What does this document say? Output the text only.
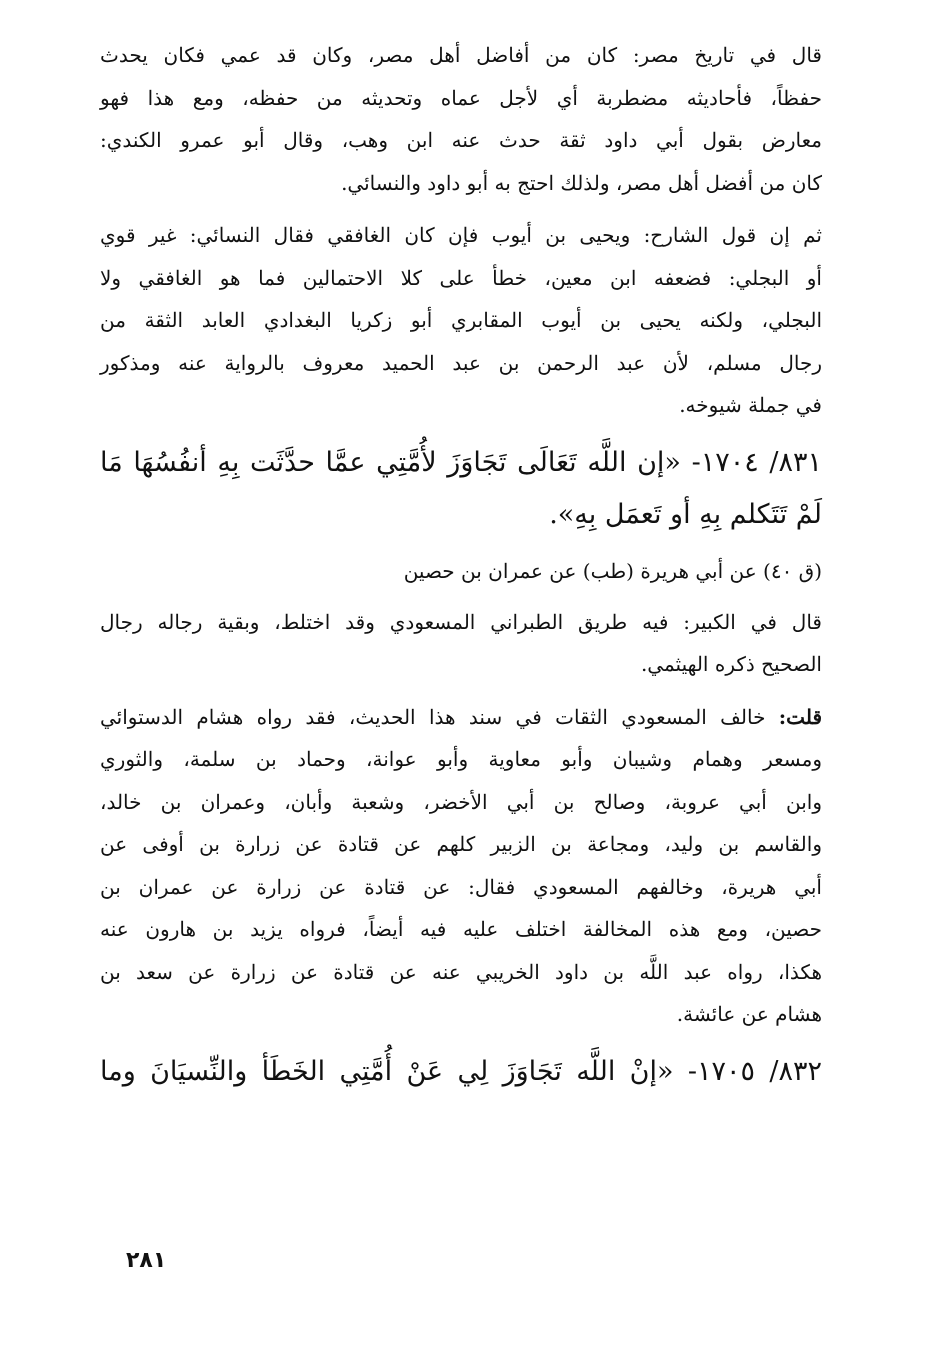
قال في تاريخ مصر: كان من أفاضل أهل مصر، وكان قد عمي فكان يحدث
حفظاً، فأحاديثه مضطربة أي لأجل عماه وتحديثه من حفظه، ومع هذا فهو
معارض بقول أبي داود ثقة حدث عنه ابن وهب، وقال أبو عمرو الكندي:
كان من أفضل أهل مصر، ولذلك احتج به أبو داود والنسائي.

ثم إن قول الشارح: ويحيى بن أيوب فإن كان الغافقي فقال النسائي: غير قوي
أو البجلي: فضعفه ابن معين، خطأ على كلا الاحتمالين فما هو الغافقي ولا
البجلي، ولكنه يحيى بن أيوب المقابري أبو زكريا البغدادي العابد الثقة من
رجال مسلم، لأن عبد الرحمن بن عبد الحميد معروف بالرواية عنه ومذكور
في جملة شيوخه.

٨٣١/ ١٧٠٤- «إن اللَّه تَعَالَى تَجَاوَزَ لأُمَّتِي عمَّا حدَّثَت بِهِ أنفُسُهَا مَا
لَمْ تَتَكلم بِهِ أو تَعمَل بِهِ».

(ق ٤٠) عن أبي هريرة (طب) عن عمران بن حصين

قال في الكبير: فيه طريق الطبراني المسعودي وقد اختلط، وبقية رجاله رجال
الصحيح ذكره الهيثمي.

قلت: خالف المسعودي الثقات في سند هذا الحديث، فقد رواه هشام الدستوائي
ومسعر وهمام وشيبان وأبو معاوية وأبو عوانة، وحماد بن سلمة، والثوري
وابن أبي عروبة، وصالح بن أبي الأخضر، وشعبة وأبان، وعمران بن خالد،
والقاسم بن وليد، ومجاعة بن الزبير كلهم عن قتادة عن زرارة بن أوفى عن
أبي هريرة، وخالفهم المسعودي فقال: عن قتادة عن زرارة عن عمران بن
حصين، ومع هذه المخالفة اختلف عليه فيه أيضاً، فرواه يزيد بن هارون عنه
هكذا، رواه عبد اللَّه بن داود الخريبي عنه عن قتادة عن زرارة عن سعد بن
هشام عن عائشة.

٨٣٢/ ١٧٠٥- «إنْ اللَّه تَجَاوَزَ لِي عَنْ أُمَّتِي الخَطَأ والنِّسيَانَ وما

٢٨١
